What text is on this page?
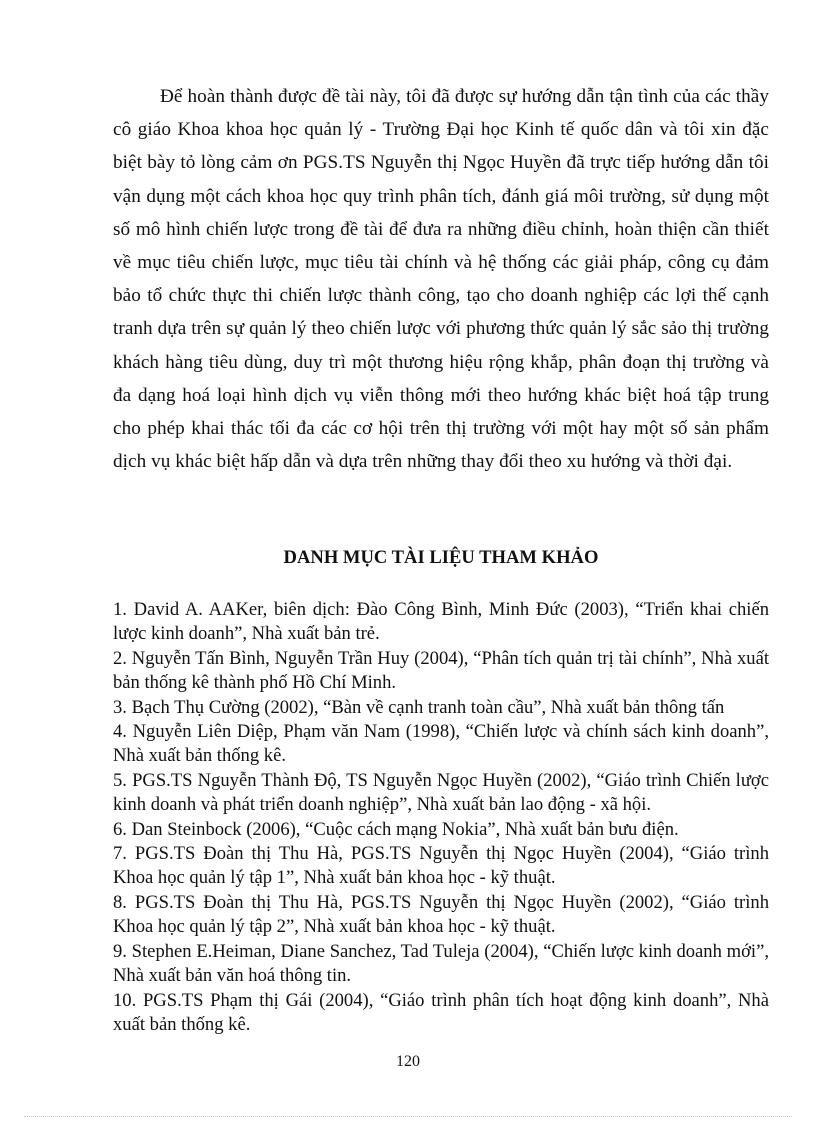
Để hoàn thành được đề tài này, tôi đã được sự hướng dẫn tận tình của các thầy cô giáo Khoa khoa học quản lý - Trường Đại học Kinh tế quốc dân và tôi xin đặc biệt bày tỏ lòng cảm ơn PGS.TS Nguyễn thị Ngọc Huyền đã trực tiếp hướng dẫn tôi vận dụng một cách khoa học quy trình phân tích, đánh giá môi trường, sử dụng một số mô hình chiến lược trong đề tài để đưa ra những điều chỉnh, hoàn thiện cần thiết về mục tiêu chiến lược, mục tiêu tài chính và hệ thống các giải pháp, công cụ đảm bảo tổ chức thực thi chiến lược thành công, tạo cho doanh nghiệp các lợi thế cạnh tranh dựa trên sự quản lý theo chiến lược với phương thức quản lý sắc sảo thị trường khách hàng tiêu dùng, duy trì một thương hiệu rộng khắp, phân đoạn thị trường và đa dạng hoá loại hình dịch vụ viễn thông mới theo hướng khác biệt hoá tập trung cho phép khai thác tối đa các cơ hội trên thị trường với một hay một số sản phẩm dịch vụ khác biệt hấp dẫn và dựa trên những thay đổi theo xu hướng và thời đại.

DANH MỤC TÀI LIỆU THAM KHẢO
1. David A. AAKer, biên dịch: Đào Công Bình, Minh Đức (2003), “Triển khai chiến lược kinh doanh”, Nhà xuất bản trẻ.
2. Nguyễn Tấn Bình, Nguyễn Trần Huy (2004), “Phân tích quản trị tài chính”, Nhà xuất bản thống kê thành phố Hồ Chí Minh.
3. Bạch Thụ Cường (2002), “Bàn về cạnh tranh toàn cầu”, Nhà xuất bản thông tấn
4. Nguyễn Liên Diệp, Phạm văn Nam (1998), “Chiến lược và chính sách kinh doanh”, Nhà xuất bản thống kê.
5. PGS.TS Nguyễn Thành Độ, TS Nguyễn Ngọc Huyền (2002), “Giáo trình Chiến lược kinh doanh và phát triển doanh nghiệp”, Nhà xuất bản lao động - xã hội.
6. Dan Steinbock (2006), “Cuộc cách mạng Nokia”, Nhà xuất bản bưu điện.
7. PGS.TS Đoàn thị Thu Hà, PGS.TS Nguyễn thị Ngọc Huyền (2004), “Giáo trình Khoa học quản lý tập 1”, Nhà xuất bản khoa học - kỹ thuật.
8. PGS.TS Đoàn thị Thu Hà, PGS.TS Nguyễn thị Ngọc Huyền (2002), “Giáo trình Khoa học quản lý tập 2”, Nhà xuất bản khoa học - kỹ thuật.
9. Stephen E.Heiman, Diane Sanchez, Tad Tuleja (2004), “Chiến lược kinh doanh mới”, Nhà xuất bản văn hoá thông tin.
10. PGS.TS Phạm thị Gái (2004), “Giáo trình phân tích hoạt động kinh doanh”, Nhà xuất bản thống kê.
120
